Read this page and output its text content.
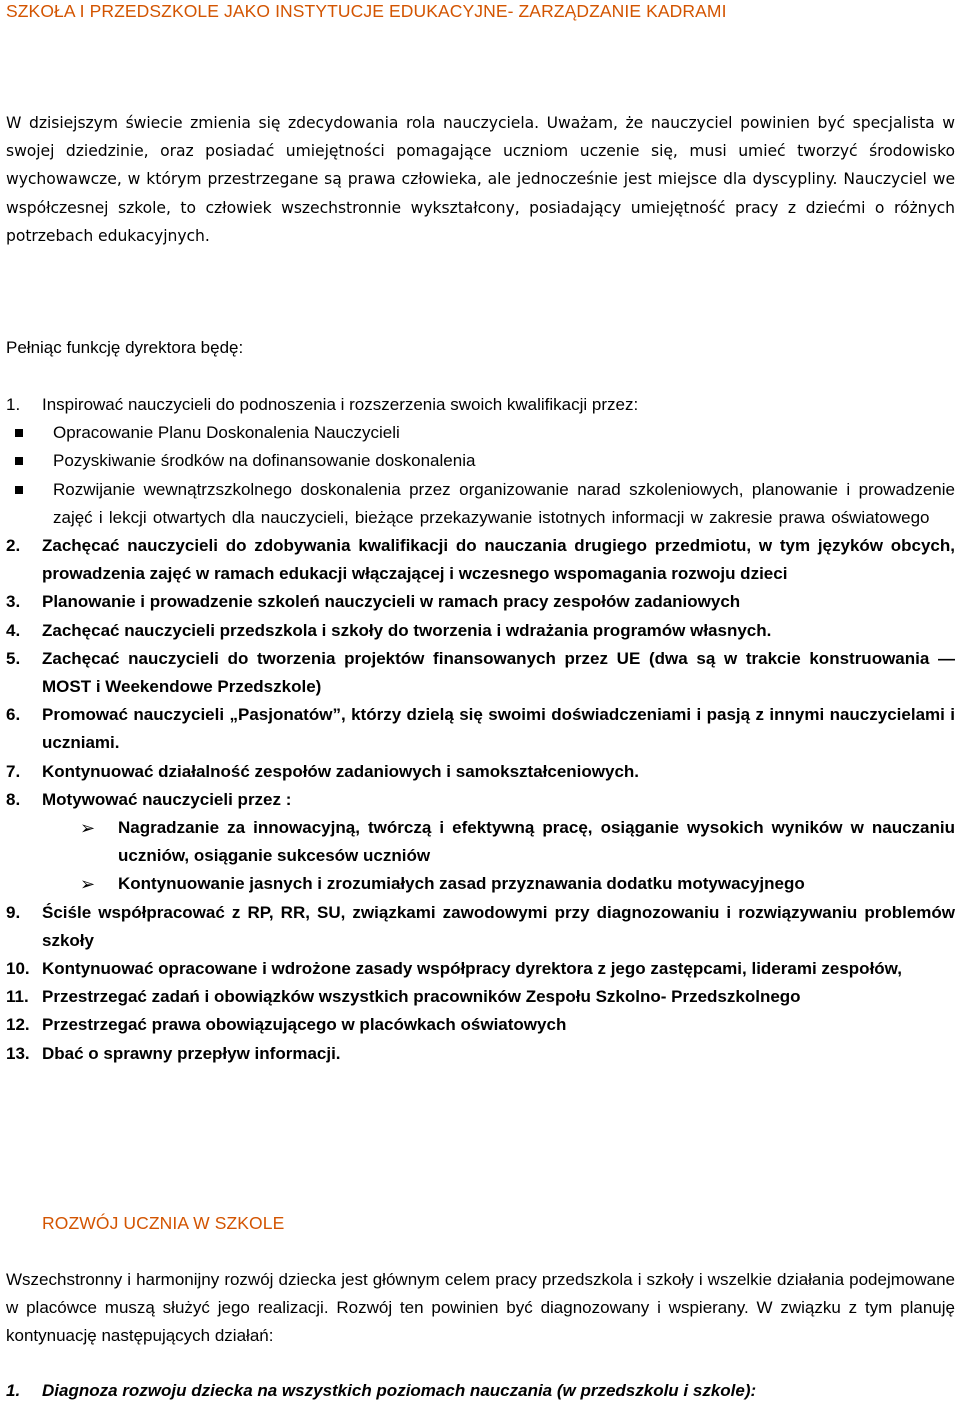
SZKOŁA I PRZEDSZKOLE JAKO INSTYTUCJE EDUKACYJNE- ZARZĄDZANIE KADRAMI

W dzisiejszym świecie zmienia się zdecydowania rola nauczyciela. Uważam, że nauczyciel powinien być specjalista w swojej dziedzinie, oraz posiadać umiejętności pomagające uczniom uczenie się, musi umieć tworzyć środowisko wychowawcze, w którym przestrzegane są prawa człowieka, ale jednocześnie jest miejsce dla dyscypliny. Nauczyciel we współczesnej szkole, to człowiek wszechstronnie wykształcony, posiadający umiejętność pracy z dziećmi o różnych potrzebach edukacyjnych.

Pełniąc funkcję dyrektora będę:

1. Inspirować nauczycieli do podnoszenia i rozszerzenia swoich kwalifikacji przez:
Opracowanie Planu Doskonalenia Nauczycieli
Pozyskiwanie środków na dofinansowanie doskonalenia
Rozwijanie wewnątrzszkolnego doskonalenia przez organizowanie narad szkoleniowych, planowanie i prowadzenie zajęć i lekcji otwartych dla nauczycieli, bieżące przekazywanie istotnych informacji w zakresie prawa oświatowego
2. Zachęcać nauczycieli do zdobywania kwalifikacji do nauczania drugiego przedmiotu, w tym języków obcych, prowadzenia zajęć w ramach edukacji włączającej i wczesnego wspomagania rozwoju dzieci
3. Planowanie i prowadzenie szkoleń nauczycieli w ramach pracy zespołów zadaniowych
4. Zachęcać nauczycieli przedszkola i szkoły do tworzenia i wdrażania programów własnych.
5. Zachęcać nauczycieli do tworzenia projektów finansowanych przez UE (dwa są w trakcie konstruowania — MOST i Weekendowe Przedszkole)
6. Promować nauczycieli „Pasjonatów”, którzy dzielą się swoimi doświadczeniami i pasją z innymi nauczycielami i uczniami.
7. Kontynuować działalność zespołów zadaniowych i samokształceniowych.
8. Motywować nauczycieli przez :
➢ Nagradzanie za innowacyjną, twórczą i efektywną pracę, osiąganie wysokich wyników w nauczaniu uczniów, osiąganie sukcesów uczniów
➢ Kontynuowanie jasnych i zrozumiałych zasad przyznawania dodatku motywacyjnego
9. Ściśle współpracować z RP, RR, SU, związkami zawodowymi przy diagnozowaniu i rozwiązywaniu problemów szkoły
10. Kontynuować opracowane i wdrożone zasady współpracy dyrektora z jego zastępcami, liderami zespołów,
11. Przestrzegać zadań i obowiązków wszystkich pracowników Zespołu Szkolno- Przedszkolnego
12. Przestrzegać prawa obowiązującego w placówkach oświatowych
13. Dbać o sprawny przepływ informacji.
ROZWÓJ UCZNIA W SZKOLE

Wszechstronny i harmonijny rozwój dziecka jest głównym celem pracy przedszkola i szkoły i wszelkie działania podejmowane w placówce muszą służyć jego realizacji. Rozwój ten powinien być diagnozowany i wspierany. W związku z tym planuję kontynuację następujących działań:

1. Diagnoza rozwoju dziecka na wszystkich poziomach nauczania (w przedszkolu i szkole):
